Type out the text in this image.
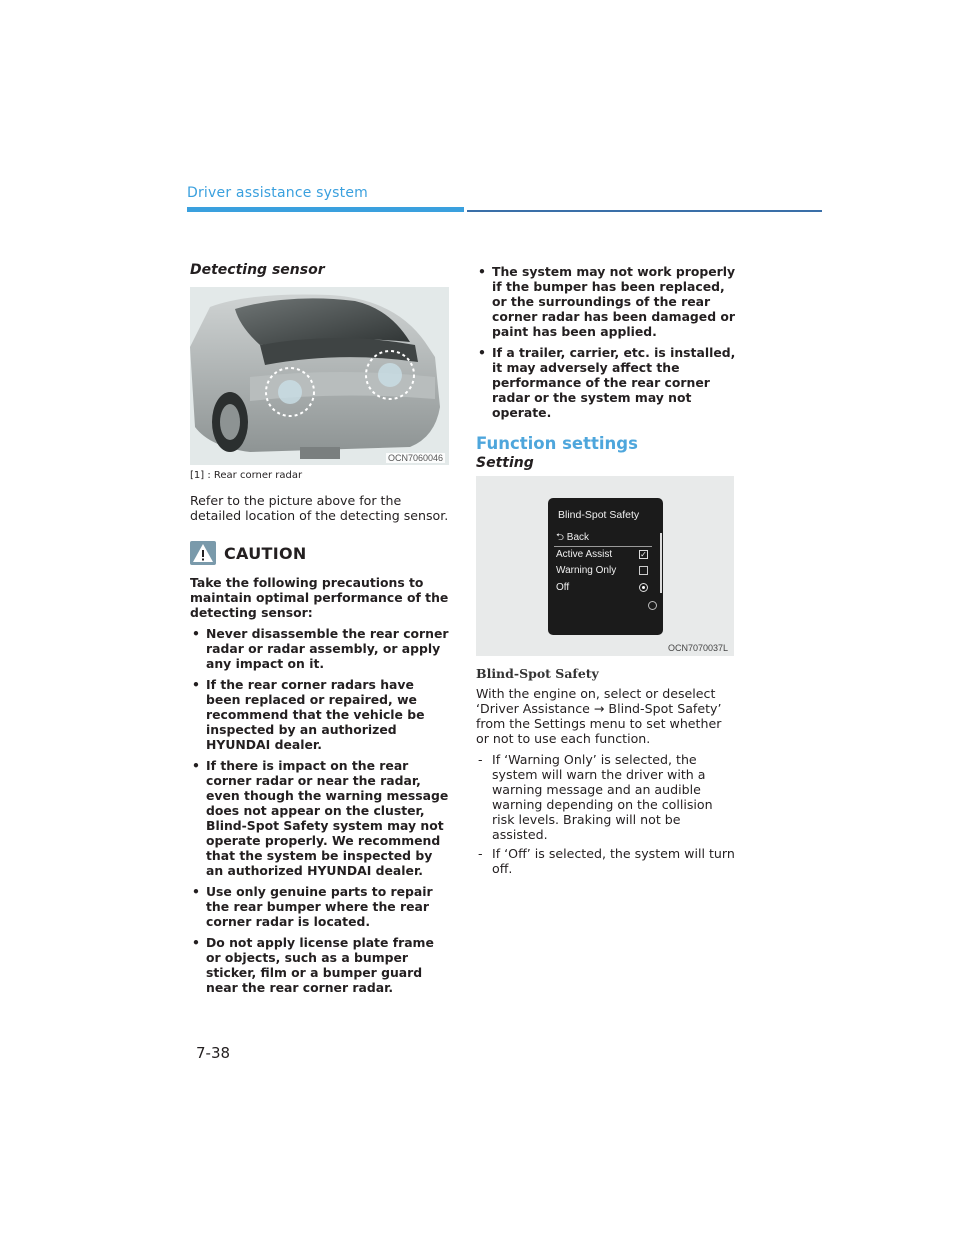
Driver assistance system
Detecting sensor
OCN7060046
[1] : Rear corner radar

Refer to the picture above for the detailed location of the detecting sensor.

CAUTION
Take the following precautions to maintain optimal performance of the detecting sensor:
• Never disassemble the rear corner radar or radar assembly, or apply any impact on it.
• If the rear corner radars have been replaced or repaired, we recommend that the vehicle be inspected by an authorized HYUNDAI dealer.
• If there is impact on the rear corner radar or near the radar, even though the warning message does not appear on the cluster, Blind-Spot Safety system may not operate properly. We recommend that the system be inspected by an authorized HYUNDAI dealer.
• Use only genuine parts to repair the rear bumper where the rear corner radar is located.
• Do not apply license plate frame or objects, such as a bumper sticker, film or a bumper guard near the rear corner radar.
• The system may not work properly if the bumper has been replaced, or the surroundings of the rear corner radar has been damaged or paint has been applied.
• If a trailer, carrier, etc. is installed, it may adversely affect the performance of the rear corner radar or the system may not operate.
Function settings
Setting
Blind-Spot Safety
⮌ Back
Active Assist	✓
Warning Only
Off
OCN7070037L
Blind-Spot Safety

With the engine on, select or deselect ‘Driver Assistance → Blind-Spot Safety’ from the Settings menu to set whether or not to use each function.

- If ‘Warning Only’ is selected, the system will warn the driver with a warning message and an audible warning depending on the collision risk levels. Braking will not be assisted.
- If ‘Off’ is selected, the system will turn off.
7-38
